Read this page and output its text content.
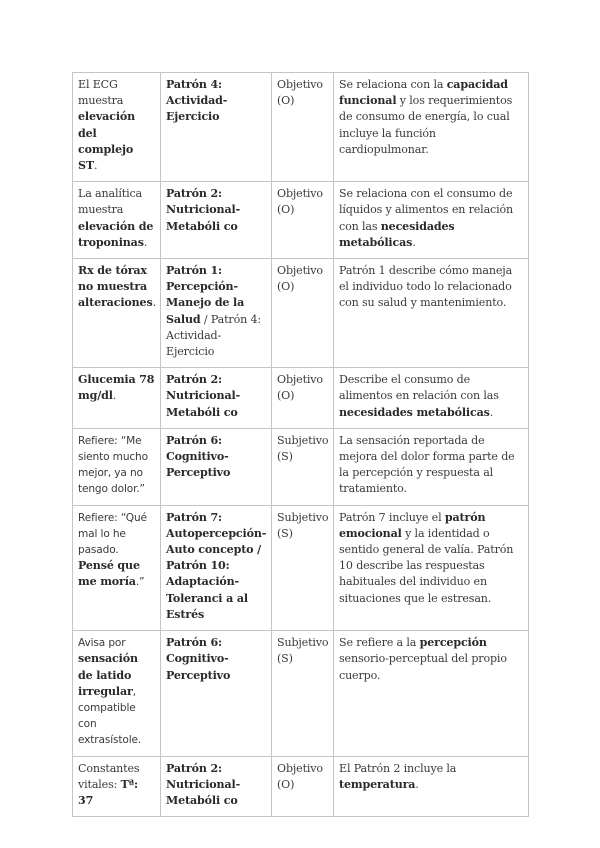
El ECG muestra elevación del complejo ST.	Patrón 4: Actividad-Ejercicio	Objetivo (O)	Se relaciona con la capacidad funcional y los requerimientos de consumo de energía, lo cual incluye la función cardiopulmonar.
La analítica muestra elevación de troponinas.	Patrón 2: Nutricional-Metabóli co	Objetivo (O)	Se relaciona con el consumo de líquidos y alimentos en relación con las necesidades metabólicas.
Rx de tórax no muestra alteraciones.	Patrón 1: Percepción-Manejo de la Salud / Patrón 4: Actividad-Ejercicio	Objetivo (O)	Patrón 1 describe cómo maneja el individuo todo lo relacionado con su salud y mantenimiento.
Glucemia 78 mg/dl.	Patrón 2: Nutricional-Metabóli co	Objetivo (O)	Describe el consumo de alimentos en relación con las necesidades metabólicas.
Refiere: “Me siento mucho mejor, ya no tengo dolor.”	Patrón 6: Cognitivo-Perceptivo	Subjetivo (S)	La sensación reportada de mejora del dolor forma parte de la percepción y respuesta al tratamiento.
Refiere: “Qué mal lo he pasado. Pensé que me moría.”	Patrón 7: Autopercepción-Auto concepto / Patrón 10: Adaptación-Toleranci a al Estrés	Subjetivo (S)	Patrón 7 incluye el patrón emocional y la identidad o sentido general de valía. Patrón 10 describe las respuestas habituales del individuo en situaciones que le estresan.
Avisa por sensación de latido irregular, compatible con extrasístole.	Patrón 6: Cognitivo-Perceptivo	Subjetivo (S)	Se refiere a la percepción sensorio-perceptual del propio cuerpo.
Constantes vitales: Tª: 37	Patrón 2: Nutricional-Metabóli co	Objetivo (O)	El Patrón 2 incluye la temperatura.
